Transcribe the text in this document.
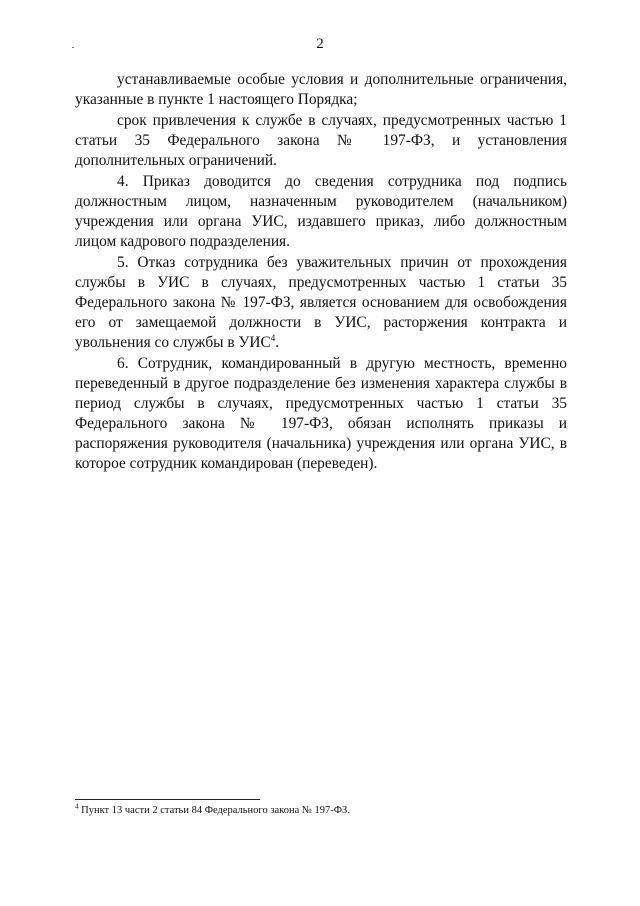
2

устанавливаемые особые условия и дополнительные ограничения, указанные в пункте 1 настоящего Порядка;

срок привлечения к службе в случаях, предусмотренных частью 1 статьи 35 Федерального закона № 197-ФЗ, и установления дополнительных ограничений.

4. Приказ доводится до сведения сотрудника под подпись должностным лицом, назначенным руководителем (начальником) учреждения или органа УИС, издавшего приказ, либо должностным лицом кадрового подразделения.

5. Отказ сотрудника без уважительных причин от прохождения службы в УИС в случаях, предусмотренных частью 1 статьи 35 Федерального закона № 197-ФЗ, является основанием для освобождения его от замещаемой должности в УИС, расторжения контракта и увольнения со службы в УИС$^4$.

6. Сотрудник, командированный в другую местность, временно переведенный в другое подразделение без изменения характера службы в период службы в случаях, предусмотренных частью 1 статьи 35 Федерального закона № 197-ФЗ, обязан исполнять приказы и распоряжения руководителя (начальника) учреждения или органа УИС, в которое сотрудник командирован (переведен).

$^4$ Пункт 13 части 2 статьи 84 Федерального закона № 197-ФЗ.
